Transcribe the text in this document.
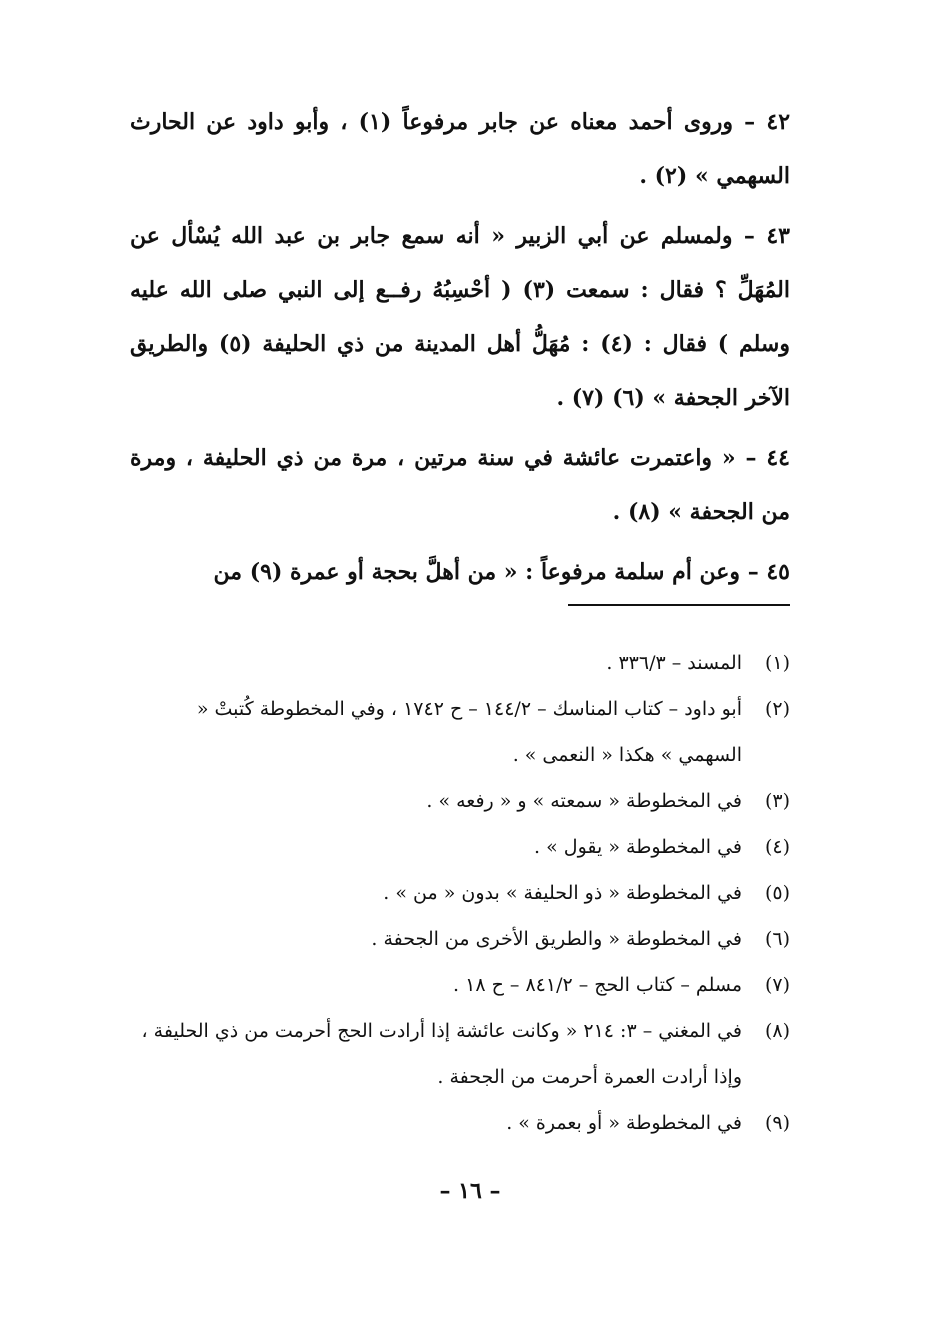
٤٢ – وروى أحمد معناه عن جابر مرفوعاً (١) ، وأبو داود عن الحارث السهمي » (٢) .

٤٣ – ولمسلم عن أبي الزبير « أنه سمع جابر بن عبد الله يُسْأل عن المُهَلِّ ؟ فقال : سمعت (٣) ( أحْسِبُهُ رفــع إلى النبي صلى الله عليه وسلم ) فقال : (٤) : مُهَلُّ أهل المدينة من ذي الحليفة (٥) والطريق الآخر الجحفة » (٦) (٧) .

٤٤ – « واعتمرت عائشة في سنة مرتين ، مرة من ذي الحليفة ، ومرة من الجحفة » (٨) .

٤٥ – وعن أم سلمة مرفوعاً : « من أهلَّ بحجة أو عمرة (٩) من

(١)
المسند – ٣٣٦/٣ .
(٢)
أبو داود – كتاب المناسك – ١٤٤/٢ – ح ١٧٤٢ ، وفي المخطوطة كُتبتْ « السهمي » هكذا « النعمى » .
(٣)
في المخطوطة « سمعته » و « رفعه » .
(٤)
في المخطوطة « يقول » .
(٥)
في المخطوطة « ذو الحليفة » بدون « من » .
(٦)
في المخطوطة « والطريق الأخرى من الجحفة .
(٧)
مسلم – كتاب الحج – ٨٤١/٢ – ح ١٨ .
(٨)
في المغني – ٣: ٢١٤ « وكانت عائشة إذا أرادت الحج أحرمت من ذي الحليفة ، وإذا أرادت العمرة أحرمت من الجحفة .
(٩)
في المخطوطة « أو بعمرة » .
– ١٦ –
